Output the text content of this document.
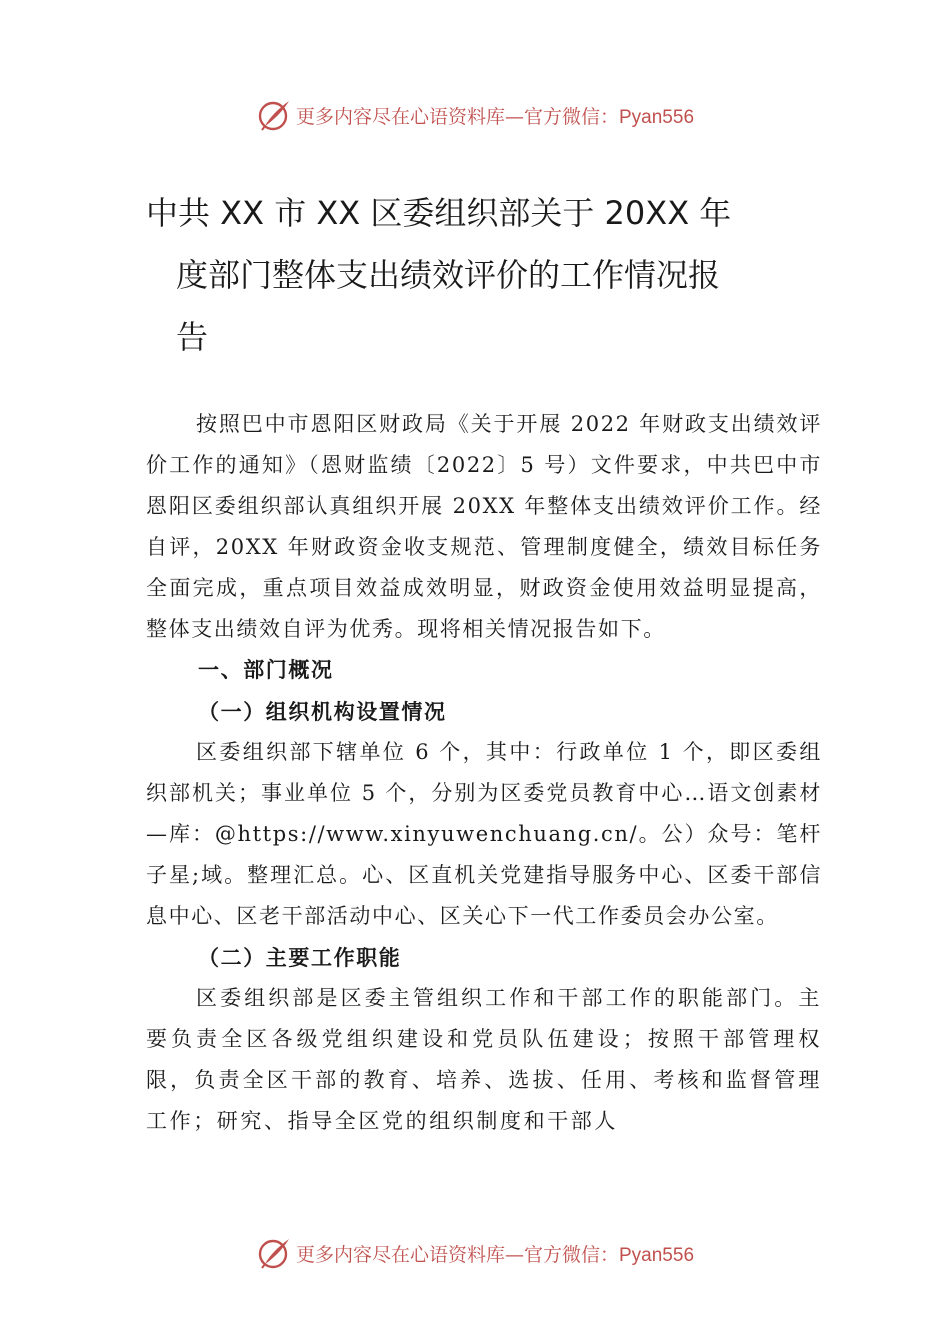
更多内容尽在心语资料库—官方微信：Pyan556
中共 XX 市 XX 区委组织部关于 20XX 年
度部门整体支出绩效评价的工作情况报
告

按照巴中市恩阳区财政局《关于开展 2022 年财政支出绩效评价工作的通知》（恩财监绩〔2022〕5 号）文件要求，中共巴中市恩阳区委组织部认真组织开展 20XX 年整体支出绩效评价工作。经自评，20XX 年财政资金收支规范、管理制度健全，绩效目标任务全面完成，重点项目效益成效明显，财政资金使用效益明显提高，整体支出绩效自评为优秀。现将相关情况报告如下。

一、部门概况

（一）组织机构设置情况

区委组织部下辖单位 6 个，其中：行政单位 1 个，即区委组织部机关；事业单位 5 个，分别为区委党员教育中心…语文创素材—库：@https://www.xinyuwenchuang.cn/。公）众号：笔杆子星;域。整理汇总。心、区直机关党建指导服务中心、区委干部信息中心、区老干部活动中心、区关心下一代工作委员会办公室。

（二）主要工作职能

区委组织部是区委主管组织工作和干部工作的职能部门。主要负责全区各级党组织建设和党员队伍建设；按照干部管理权限，负责全区干部的教育、培养、选拔、任用、考核和监督管理工作；研究、指导全区党的组织制度和干部人

更多内容尽在心语资料库—官方微信：Pyan556
